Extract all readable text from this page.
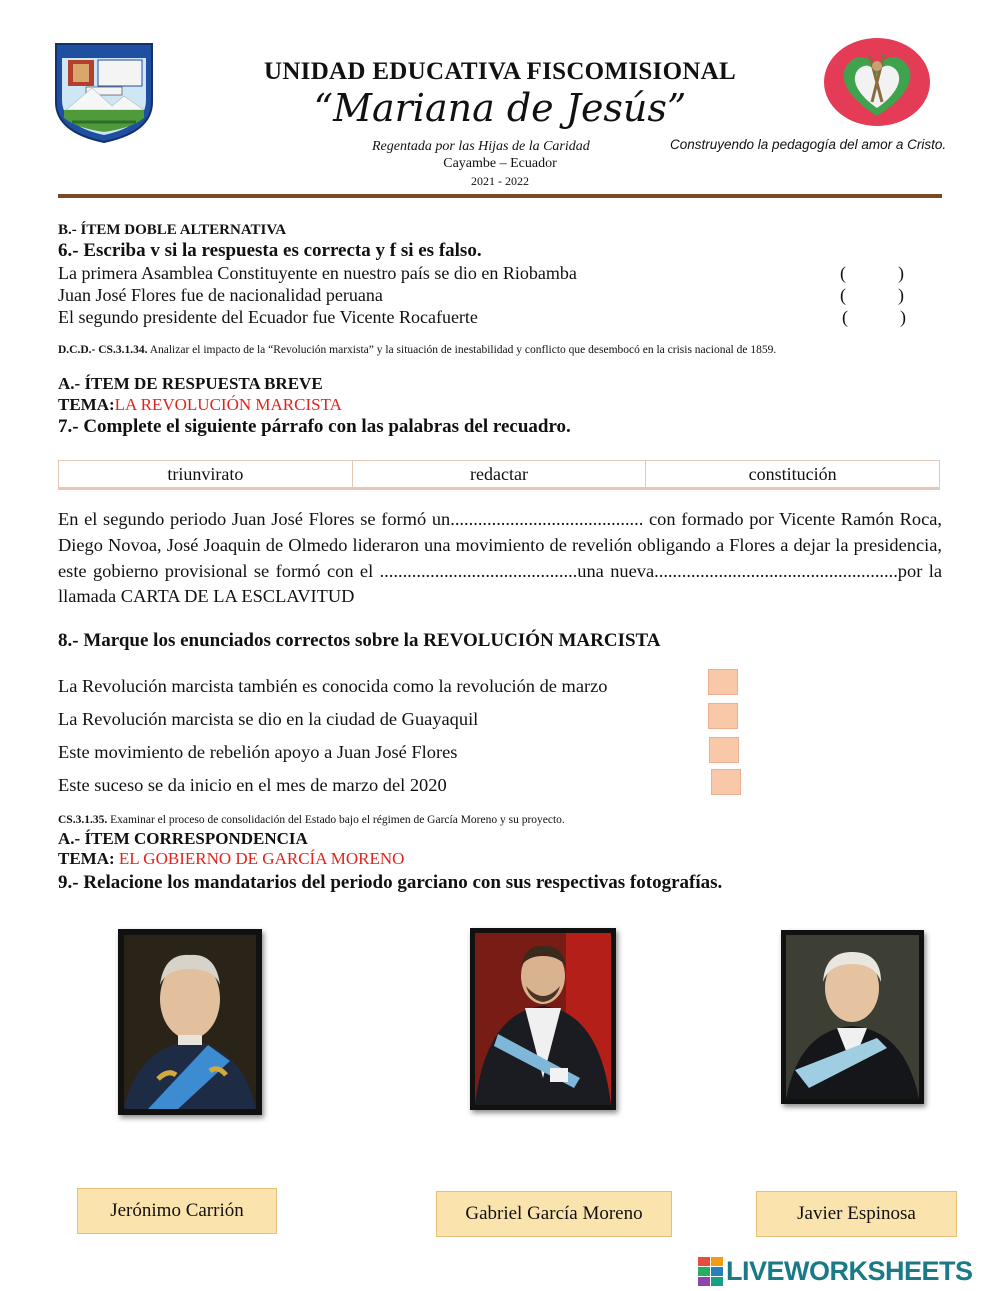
UNIDAD EDUCATIVA FISCOMISIONAL
“Mariana de Jesús”
Regentada por las Hijas de la Caridad
Cayambe – Ecuador
2021 - 2022
Construyendo la pedagogía del amor a Cristo.
B.- ÍTEM DOBLE ALTERNATIVA
6.- Escriba v si la respuesta es correcta y f si es falso.
La primera Asamblea Constituyente en nuestro país se dio en Riobamba	(	)
Juan José Flores fue de nacionalidad peruana	(	)
El segundo presidente del Ecuador fue Vicente Rocafuerte	(	)
D.C.D.- CS.3.1.34. Analizar el impacto de la “Revolución marxista” y la situación de inestabilidad y conflicto que desembocó en la crisis nacional de 1859.
A.- ÍTEM DE RESPUESTA BREVE
TEMA:LA REVOLUCIÓN MARCISTA
7.- Complete el siguiente párrafo con las palabras del recuadro.
triunvirato	redactar	constitución
En el segundo periodo Juan José Flores se formó un.......................................... con formado por Vicente Ramón Roca, Diego Novoa, José Joaquin de Olmedo lideraron una movimiento de revelión obligando a Flores a dejar la presidencia, este gobierno provisional se formó con el ...........................................una nueva.....................................................por la llamada CARTA DE LA ESCLAVITUD
8.- Marque los enunciados correctos sobre la REVOLUCIÓN MARCISTA
La Revolución marcista también es conocida como la revolución de marzo
La Revolución marcista se dio en la ciudad de Guayaquil
Este movimiento de rebelión apoyo a Juan José Flores
Este suceso se da inicio en el mes de marzo del 2020
CS.3.1.35. Examinar el proceso de consolidación del Estado bajo el régimen de García Moreno y su proyecto.
A.- ÍTEM CORRESPONDENCIA
TEMA: EL GOBIERNO DE GARCÍA MORENO
9.- Relacione los mandatarios del periodo garciano con sus respectivas fotografías.
Jerónimo Carrión	Gabriel García Moreno	Javier Espinosa
LIVEWORKSHEETS
